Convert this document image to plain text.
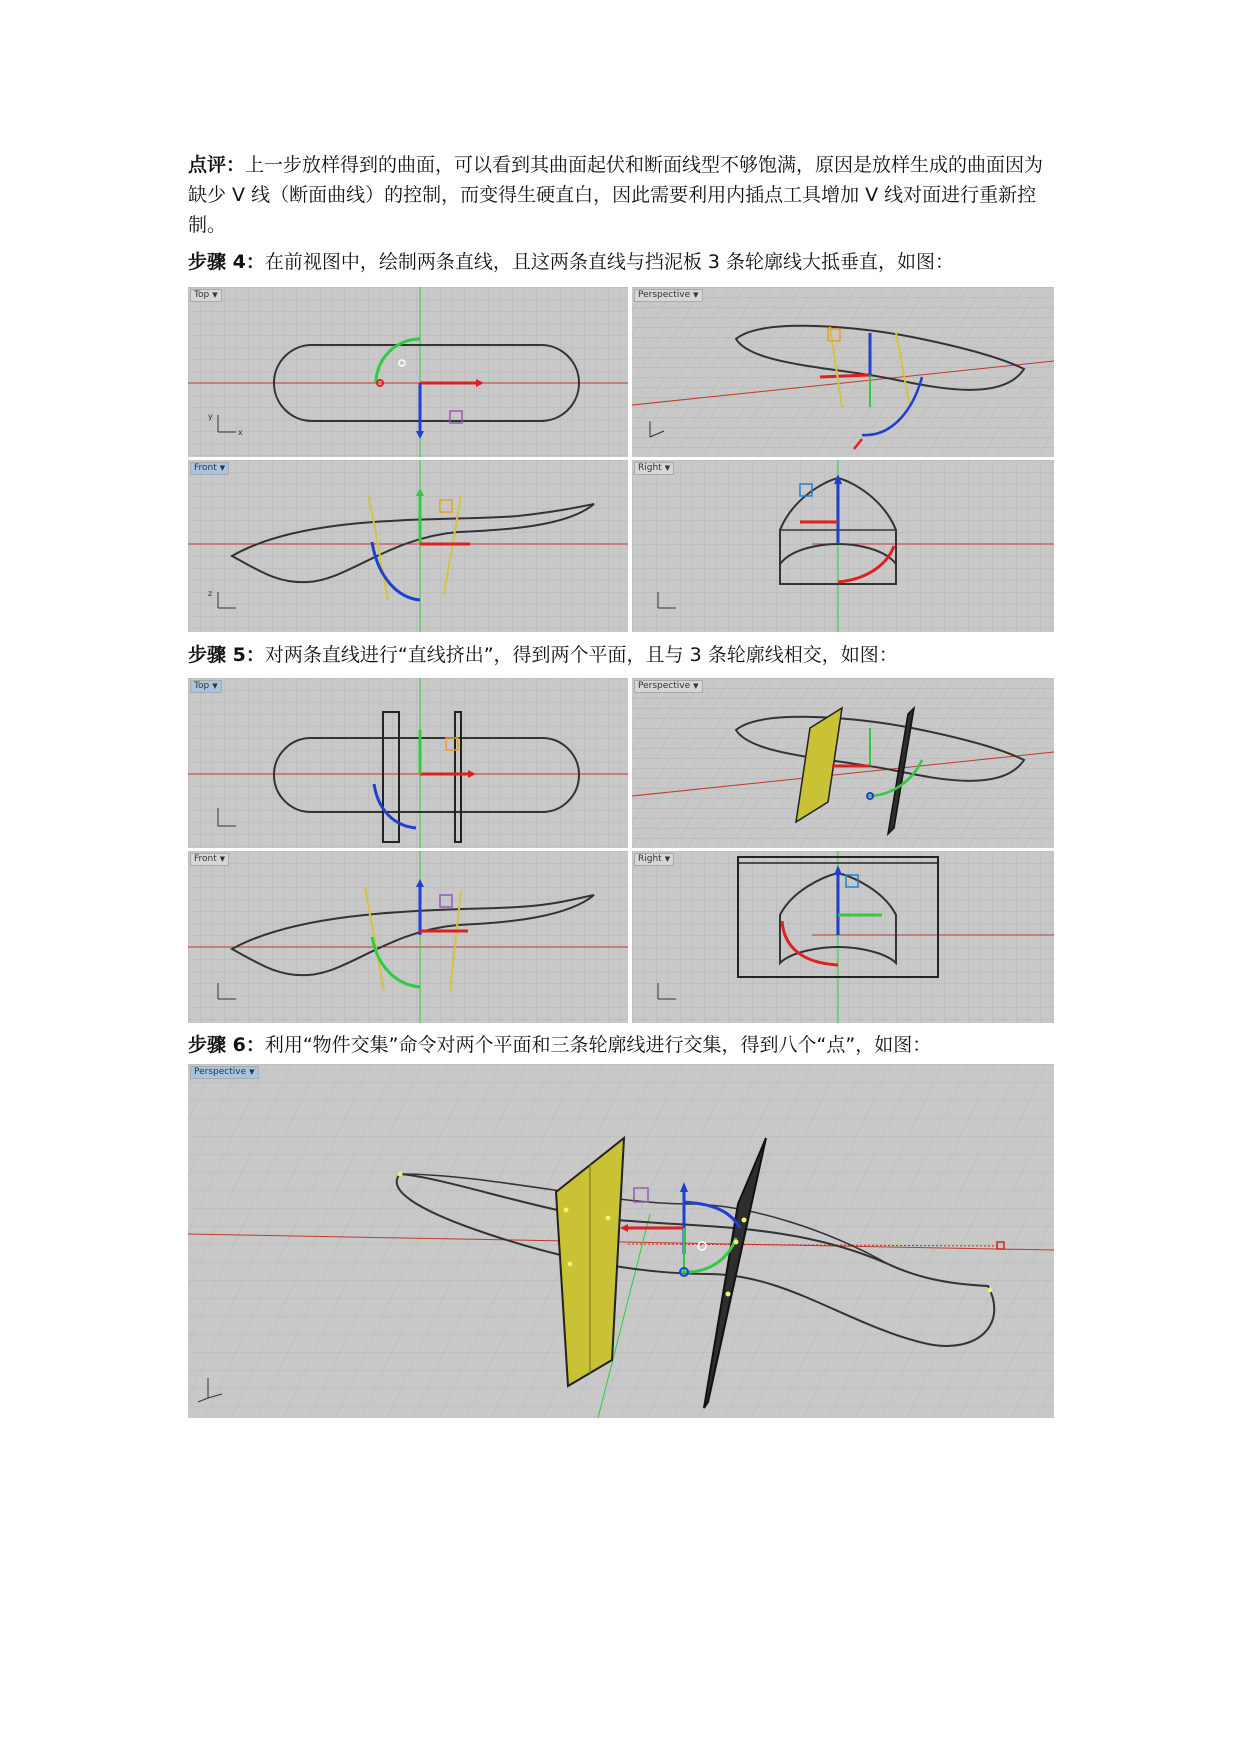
点评：上一步放样得到的曲面，可以看到其曲面起伏和断面线型不够饱满，原因是放样生成的曲面因为缺少 V 线（断面曲线）的控制，而变得生硬直白，因此需要利用内插点工具增加 V 线对面进行重新控制。
步骤 4：在前视图中，绘制两条直线，且这两条直线与挡泥板 3 条轮廓线大抵垂直，如图：
y
x
Top ▼	Perspective ▼
z
Front ▼	Right ▼
步骤 5：对两条直线进行“直线挤出”，得到两个平面，且与 3 条轮廓线相交，如图：
Top ▼	Perspective ▼
Front ▼	Right ▼
步骤 6：利用“物件交集”命令对两个平面和三条轮廓线进行交集，得到八个“点”，如图：
Perspective ▼
